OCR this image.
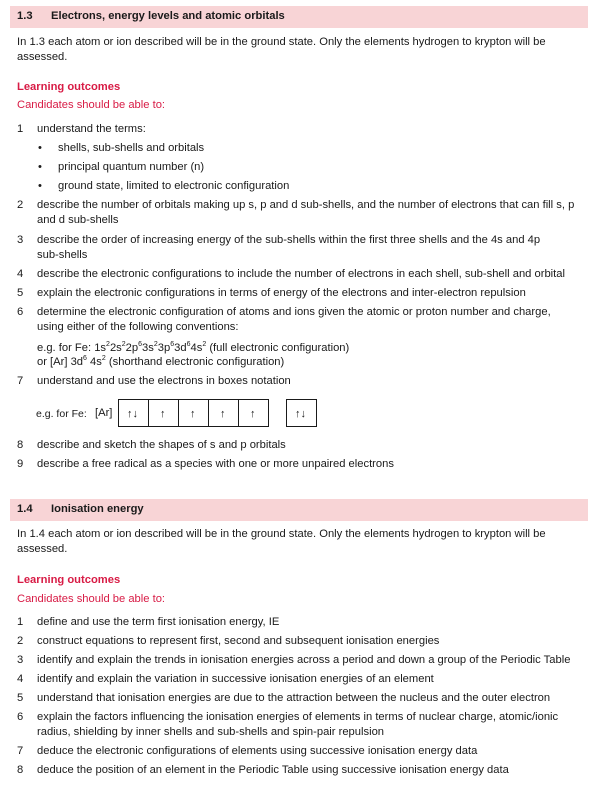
1.3 Electrons, energy levels and atomic orbitals
In 1.3 each atom or ion described will be in the ground state. Only the elements hydrogen to krypton will be
assessed.
Learning outcomes
Candidates should be able to:
1	understand the terms:
• shells, sub-shells and orbitals
• principal quantum number (n)
• ground state, limited to electronic configuration
2	describe the number of orbitals making up s, p and d sub-shells, and the number of electrons that can fill s, p
and d sub-shells
3	describe the order of increasing energy of the sub-shells within the first three shells and the 4s and 4p
sub-shells
4	describe the electronic configurations to include the number of electrons in each shell, sub-shell and orbital
5	explain the electronic configurations in terms of energy of the electrons and inter-electron repulsion
6	determine the electronic configuration of atoms and ions given the atomic or proton number and charge,
using either of the following conventions:
e.g. for Fe: $1s^22s^22p^63s^23p^63d^64s^2$ (full electronic configuration)
or [Ar] $3d^6$ $4s^2$ (shorthand electronic configuration)
7	understand and use the electrons in boxes notation
e.g. for Fe: [Ar] ↑↓ ↑ ↑ ↑ ↑	↑↓
8	describe and sketch the shapes of s and p orbitals
9	describe a free radical as a species with one or more unpaired electrons
1.4 Ionisation energy
In 1.4 each atom or ion described will be in the ground state. Only the elements hydrogen to krypton will be
assessed.
Learning outcomes
Candidates should be able to:
1	define and use the term first ionisation energy, IE
2	construct equations to represent first, second and subsequent ionisation energies
3	identify and explain the trends in ionisation energies across a period and down a group of the Periodic Table
4	identify and explain the variation in successive ionisation energies of an element
5	understand that ionisation energies are due to the attraction between the nucleus and the outer electron
6	explain the factors influencing the ionisation energies of elements in terms of nuclear charge, atomic/ionic
radius, shielding by inner shells and sub-shells and spin-pair repulsion
7	deduce the electronic configurations of elements using successive ionisation energy data
8	deduce the position of an element in the Periodic Table using successive ionisation energy data
